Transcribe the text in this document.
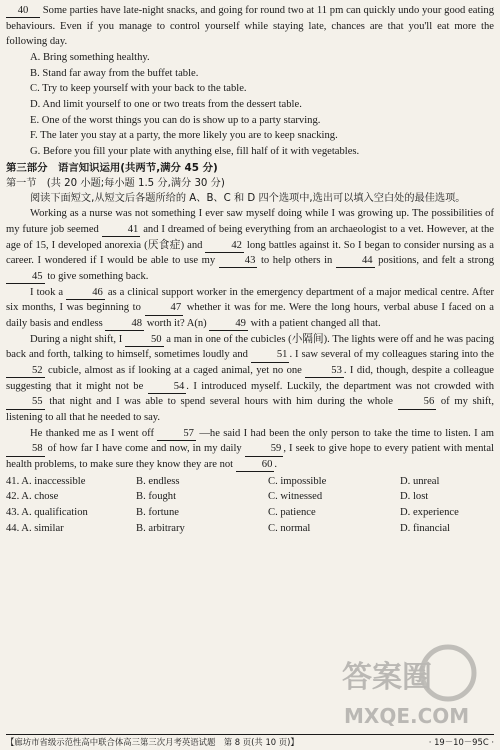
40 Some parties have late-night snacks, and going for round two at 11 pm can quickly undo your good eating behaviours. Even if you manage to control yourself while staying late, chances are that you'll eat more the following day.

A. Bring something healthy.

B. Stand far away from the buffet table.

C. Try to keep yourself with your back to the table.

D. And limit yourself to one or two treats from the dessert table.

E. One of the worst things you can do is show up to a party starving.

F. The later you stay at a party, the more likely you are to keep snacking.

G. Before you fill your plate with anything else, fill half of it with vegetables.

第三部分　语言知识运用(共两节,满分 45 分)

第一节　(共 20 小题;每小题 1.5 分,满分 30 分)

阅读下面短文,从短文后各题所给的 A、B、C 和 D 四个选项中,选出可以填入空白处的最佳选项。

Working as a nurse was not something I ever saw myself doing while I was growing up. The possibilities of my future job seemed 41 and I dreamed of being everything from an archaeologist to a vet. However, at the age of 15, I developed anorexia (厌食症) and 42 long battles against it. So I began to consider nursing as a career. I wondered if I would be able to use my 43 to help others in 44 positions, and felt a strong 45 to give something back.

I took a 46 as a clinical support worker in the emergency department of a major medical centre. After six months, I was beginning to 47 whether it was for me. Were the long hours, verbal abuse I faced on a daily basis and endless 48 worth it? A(n) 49 with a patient changed all that.

During a night shift, I 50 a man in one of the cubicles (小隔间). The lights were off and he was pacing back and forth, talking to himself, sometimes loudly and 51 . I saw several of my colleagues staring into the 52 cubicle, almost as if looking at a caged animal, yet no one 53 . I did, though, despite a colleague suggesting that it might not be 54 . I introduced myself. Luckily, the department was not crowded with 55 that night and I was able to spend several hours with him during the whole 56 of my shift, listening to all that he needed to say.

He thanked me as I went off 57 —he said I had been the only person to take the time to listen. I am 58 of how far I have come and now, in my daily 59 , I seek to give hope to every patient with mental health problems, to make sure they know they are not 60 .

41. A. inaccessible	B. endless	C. impossible	D. unreal
42. A. chose	B. fought	C. witnessed	D. lost
43. A. qualification	B. fortune	C. patience	D. experience
44. A. similar	B. arbitrary	C. normal	D. financial
答案圈
MXQE.COM
【廊坊市省级示范性高中联合体高三第三次月考英语试题　第 8 页(共 10 页)】	· 19－10－95C ·
